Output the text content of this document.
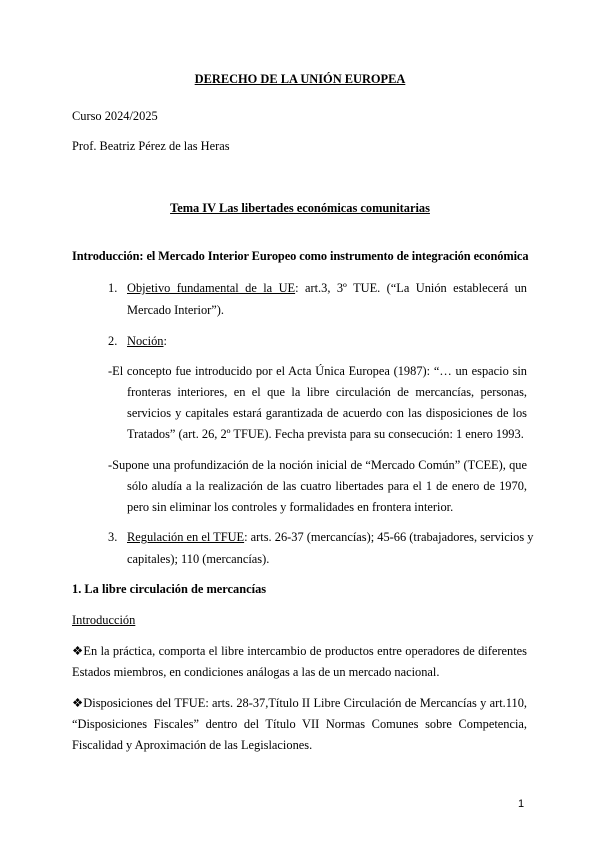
DERECHO DE LA UNIÓN EUROPEA
Curso 2024/2025
Prof. Beatriz Pérez de las Heras
Tema IV Las libertades económicas comunitarias
Introducción: el Mercado Interior Europeo como instrumento de integración económica
1. Objetivo fundamental de la UE: art.3, 3º TUE. (“La Unión establecerá un
Mercado Interior”).
2. Noción:
-El concepto fue introducido por el Acta Única Europea (1987): “… un espacio sin
fronteras interiores, en el que la libre circulación de mercancías, personas,
servicios y capitales estará garantizada de acuerdo con las disposiciones de los
Tratados” (art. 26, 2º TFUE). Fecha prevista para su consecución: 1 enero 1993.
-Supone una profundización de la noción inicial de “Mercado Común” (TCEE), que
sólo aludía a la realización de las cuatro libertades para el 1 de enero de 1970,
pero sin eliminar los controles y formalidades en frontera interior.
3. Regulación en el TFUE: arts. 26-37 (mercancías); 45-66 (trabajadores, servicios y
capitales); 110 (mercancías).
1. La libre circulación de mercancías
Introducción
❖En la práctica, comporta el libre intercambio de productos entre operadores de diferentes
Estados miembros, en condiciones análogas a las de un mercado nacional.
❖Disposiciones del TFUE: arts. 28-37,Título II Libre Circulación de Mercancías y art.110,
“Disposiciones Fiscales” dentro del Título VII Normas Comunes sobre Competencia,
Fiscalidad y Aproximación de las Legislaciones.
1
